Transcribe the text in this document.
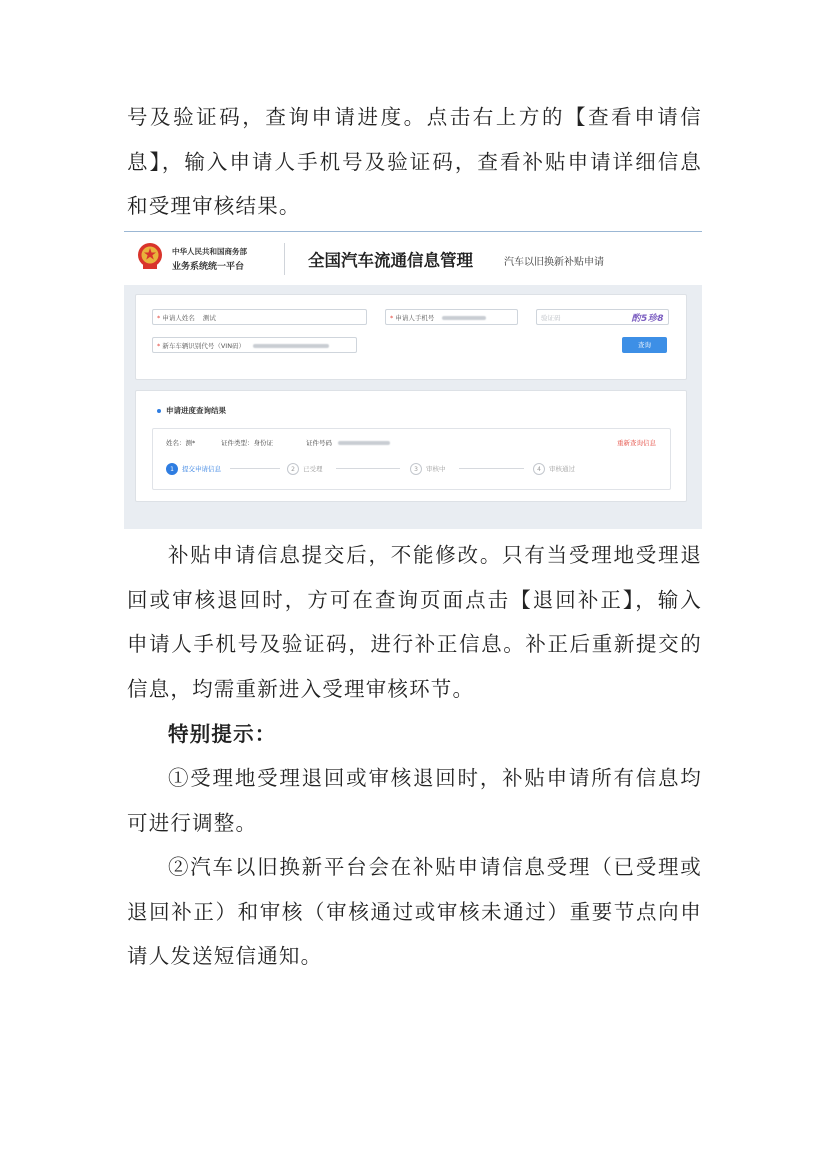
号及验证码，查询申请进度。点击右上方的【查看申请信息】，输入申请人手机号及验证码，查看补贴申请详细信息和受理审核结果。

中华人民共和国商务部
业务系统统一平台	全国汽车流通信息管理	汽车以旧换新补贴申请
* 申请人姓名 测试	* 申请人手机号	验证码	酌5珍8
* 新车车辆识别代号（VIN码）	查询
申请进度查询结果
姓名：测*	证件类型：身份证	证件号码	重新查询信息
1	提交申请信息	2	已受理	3	审核中	4	审核通过

补贴申请信息提交后，不能修改。只有当受理地受理退回或审核退回时，方可在查询页面点击【退回补正】，输入申请人手机号及验证码，进行补正信息。补正后重新提交的信息，均需重新进入受理审核环节。

特别提示：

①受理地受理退回或审核退回时，补贴申请所有信息均可进行调整。

②汽车以旧换新平台会在补贴申请信息受理（已受理或退回补正）和审核（审核通过或审核未通过）重要节点向申请人发送短信通知。
